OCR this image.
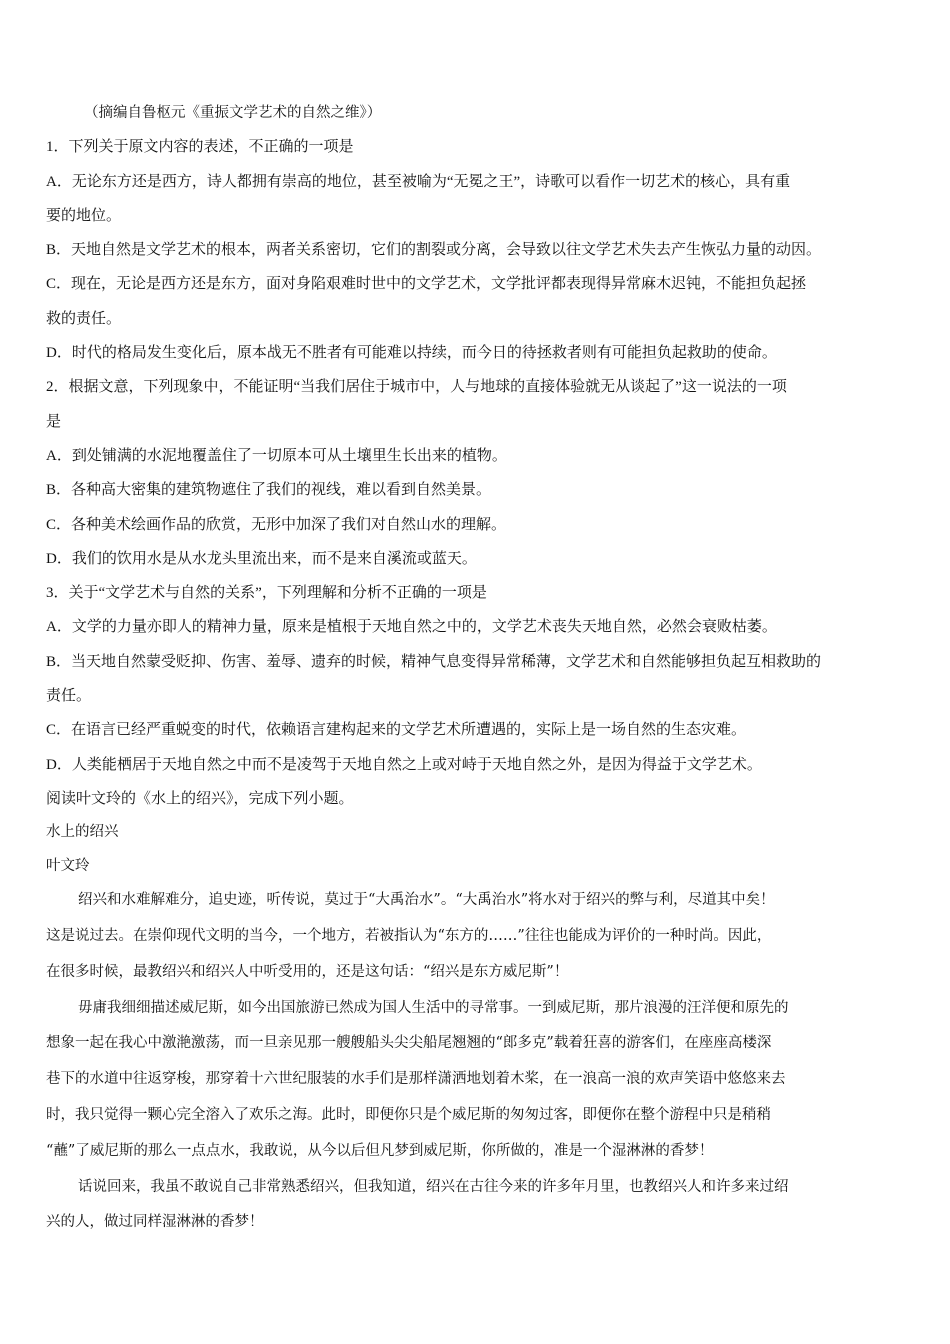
（摘编自鲁枢元《重振文学艺术的自然之维》）
1．下列关于原文内容的表述，不正确的一项是
A．无论东方还是西方，诗人都拥有崇高的地位，甚至被喻为“无冕之王”，诗歌可以看作一切艺术的核心，具有重
要的地位。
B．天地自然是文学艺术的根本，两者关系密切，它们的割裂或分离，会导致以往文学艺术失去产生恢弘力量的动因。
C．现在，无论是西方还是东方，面对身陷艰难时世中的文学艺术，文学批评都表现得异常麻木迟钝，不能担负起拯
救的责任。
D．时代的格局发生变化后，原本战无不胜者有可能难以持续，而今日的待拯救者则有可能担负起救助的使命。
2．根据文意，下列现象中，不能证明“当我们居住于城市中，人与地球的直接体验就无从谈起了”这一说法的一项
是
A．到处铺满的水泥地覆盖住了一切原本可从土壤里生长出来的植物。
B．各种高大密集的建筑物遮住了我们的视线，难以看到自然美景。
C．各种美术绘画作品的欣赏，无形中加深了我们对自然山水的理解。
D．我们的饮用水是从水龙头里流出来，而不是来自溪流或蓝天。
3．关于“文学艺术与自然的关系”，下列理解和分析不正确的一项是
A．文学的力量亦即人的精神力量，原来是植根于天地自然之中的，文学艺术丧失天地自然，必然会衰败枯萎。
B．当天地自然蒙受贬抑、伤害、羞辱、遗弃的时候，精神气息变得异常稀薄，文学艺术和自然能够担负起互相救助的
责任。
C．在语言已经严重蜕变的时代，依赖语言建构起来的文学艺术所遭遇的，实际上是一场自然的生态灾难。
D．人类能栖居于天地自然之中而不是凌驾于天地自然之上或对峙于天地自然之外，是因为得益于文学艺术。
阅读叶文玲的《水上的绍兴》，完成下列小题。
水上的绍兴
叶文玲
绍兴和水难解难分，追史迹，听传说，莫过于“大禹治水”。“大禹治水”将水对于绍兴的弊与利，尽道其中矣！
这是说过去。在崇仰现代文明的当今，一个地方，若被指认为“东方的……”往往也能成为评价的一种时尚。因此，
在很多时候，最教绍兴和绍兴人中听受用的，还是这句话：“绍兴是东方威尼斯”！
毋庸我细细描述威尼斯，如今出国旅游已然成为国人生活中的寻常事。一到威尼斯，那片浪漫的汪洋便和原先的
想象一起在我心中激滟激荡，而一旦亲见那一艘艘船头尖尖船尾翘翘的“郎多克”载着狂喜的游客们，在座座高楼深
巷下的水道中往返穿梭，那穿着十六世纪服装的水手们是那样潇洒地划着木桨，在一浪高一浪的欢声笑语中悠悠来去
时，我只觉得一颗心完全溶入了欢乐之海。此时，即便你只是个威尼斯的匆匆过客，即便你在整个游程中只是稍稍
“蘸”了威尼斯的那么一点点水，我敢说，从今以后但凡梦到威尼斯，你所做的，准是一个湿淋淋的香梦！
话说回来，我虽不敢说自己非常熟悉绍兴，但我知道，绍兴在古往今来的许多年月里，也教绍兴人和许多来过绍
兴的人，做过同样湿淋淋的香梦！
